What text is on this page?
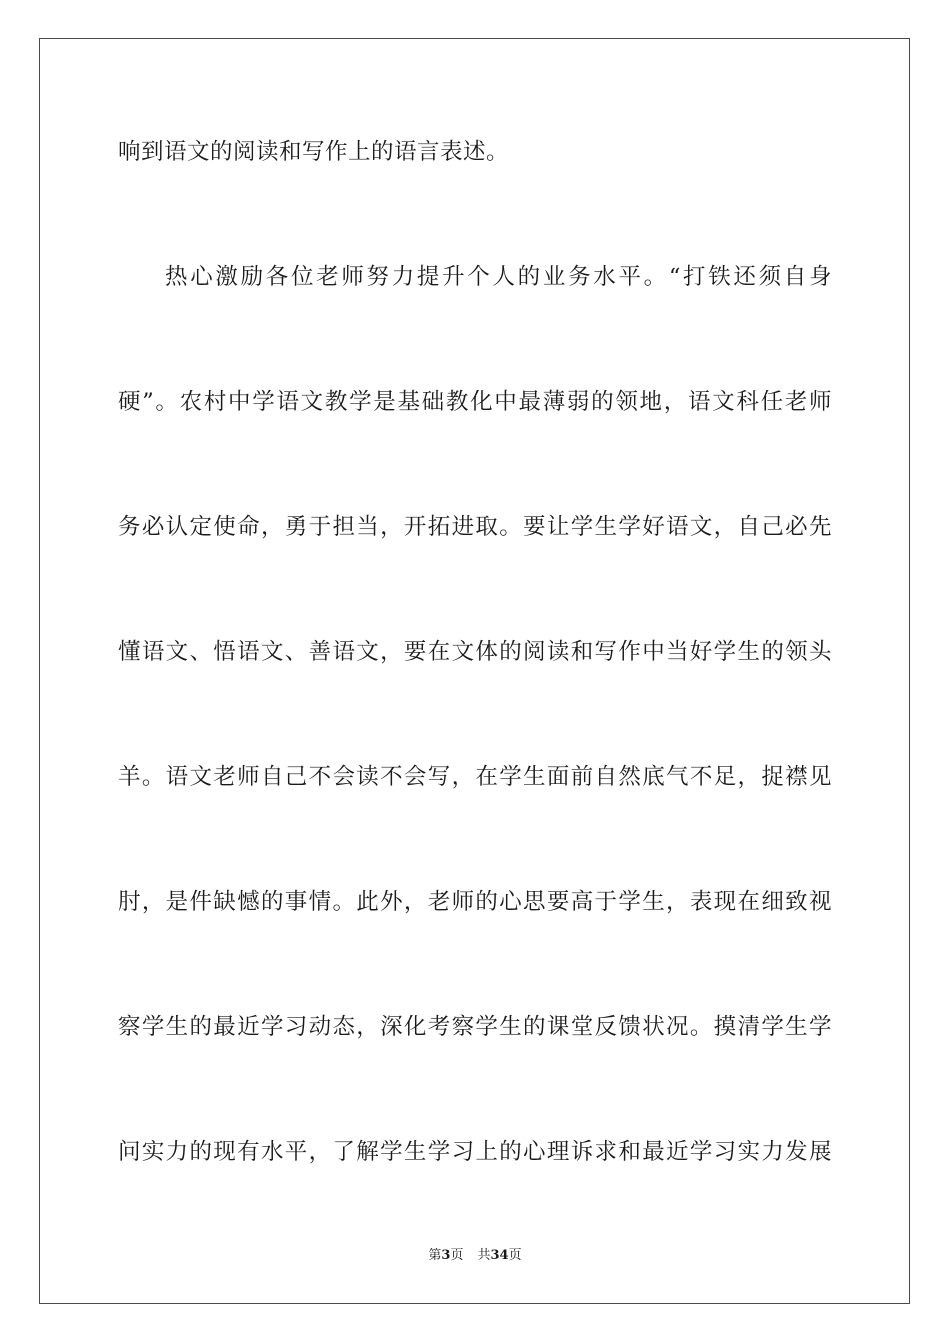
响到语文的阅读和写作上的语言表述。
热心激励各位老师努力提升个人的业务水平。“打铁还须自身
硬”。农村中学语文教学是基础教化中最薄弱的领地，语文科任老师
务必认定使命，勇于担当，开拓进取。要让学生学好语文，自己必先
懂语文、悟语文、善语文，要在文体的阅读和写作中当好学生的领头
羊。语文老师自己不会读不会写，在学生面前自然底气不足，捉襟见
肘，是件缺憾的事情。此外，老师的心思要高于学生，表现在细致视
察学生的最近学习动态，深化考察学生的课堂反馈状况。摸清学生学
问实力的现有水平，了解学生学习上的心理诉求和最近学习实力发展
第3页 共34页
